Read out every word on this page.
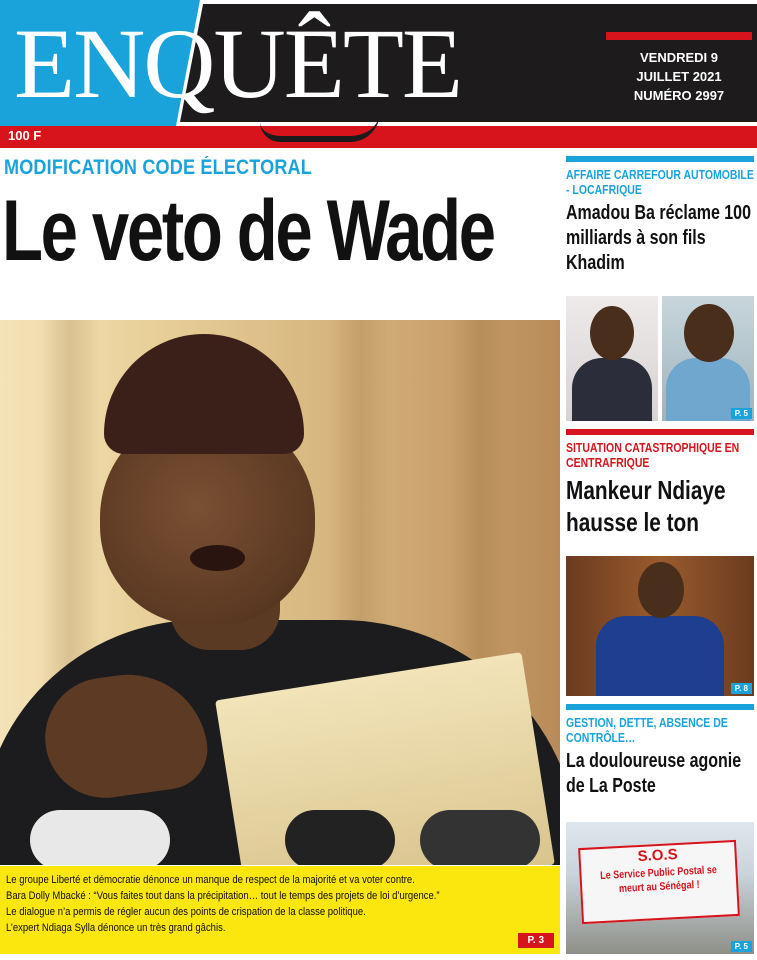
ENQUÊTE
100 F
VENDREDI 9
JUILLET 2021
NUMÉRO 2997
MODIFICATION CODE ÉLECTORAL
Le veto de Wade

Le groupe Liberté et démocratie dénonce un manque de respect de la majorité et va voter contre.

Bara Dolly Mbacké : “Vous faites tout dans la précipitation… tout le temps des projets de loi d’urgence.”

Le dialogue n’a permis de régler aucun des points de crispation de la classe politique.

L’expert Ndiaga Sylla dénonce un très grand gâchis.

P. 3
AFFAIRE CARREFOUR AUTOMOBILE - LOCAFRIQUE
Amadou Ba réclame 100 milliards à son fils Khadim
P. 5
SITUATION CATASTROPHIQUE EN CENTRAFRIQUE
Mankeur Ndiaye hausse le ton
P. 8
GESTION, DETTE, ABSENCE DE CONTRÔLE…
La douloureuse agonie de La Poste
S.O.S
Le Service Public Postal se meurt au Sénégal !
P. 5
